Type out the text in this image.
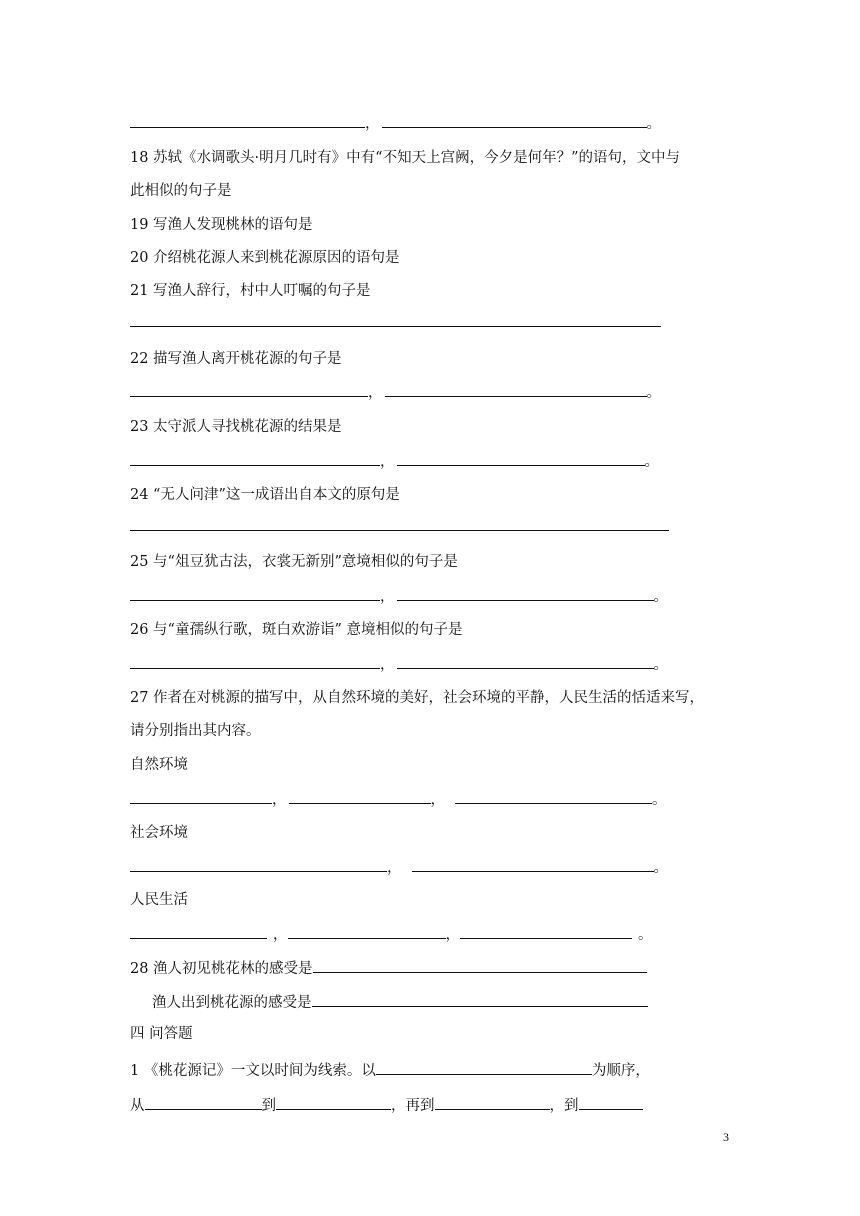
，	。
18 苏轼《水调歌头·明月几时有》中有“不知天上宫阙，今夕是何年？”的语句，文中与
此相似的句子是
19 写渔人发现桃林的语句是
20 介绍桃花源人来到桃花源原因的语句是
21 写渔人辞行，村中人叮嘱的句子是
22 描写渔人离开桃花源的句子是
，	。
23 太守派人寻找桃花源的结果是
，	。
24 “无人问津”这一成语出自本文的原句是
25 与“俎豆犹古法，衣裳无新别”意境相似的句子是
，	。
26 与“童孺纵行歌，斑白欢游诣” 意境相似的句子是
，	。
27 作者在对桃源的描写中，从自然环境的美好，社会环境的平静，人民生活的恬适来写，
请分别指出其内容。
自然环境
，	，	。
社会环境
，	。
人民生活
，	，	。
28 渔人初见桃花林的感受是
渔人出到桃花源的感受是
四 问答题
1 《桃花源记》一文以时间为线索。以	为顺序，
从	到	，再到	，到
3
